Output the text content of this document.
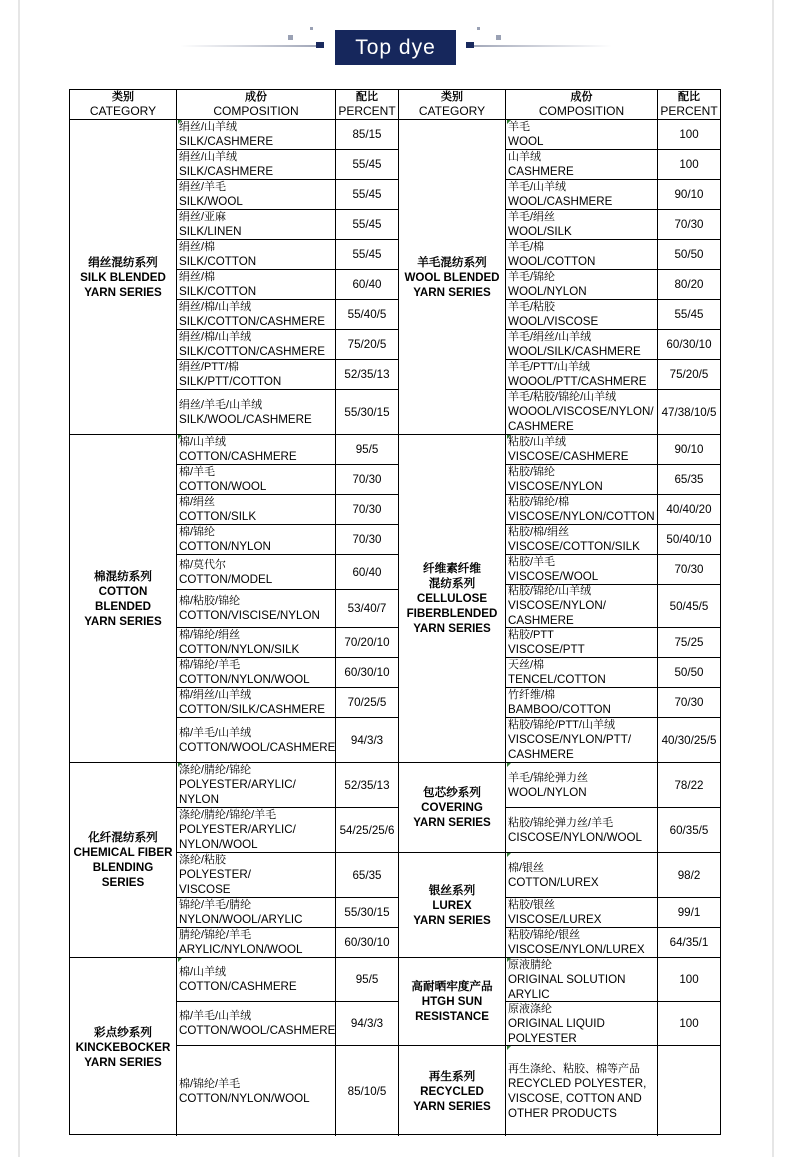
Top dye
类别
CATEGORY
成份
COMPOSITION
配比
PERCENT
类别
CATEGORY
成份
COMPOSITION
配比
PERCENT
绢丝混纺系列
SILK BLENDED
YARN SERIES
棉混纺系列
COTTON
BLENDED
YARN SERIES
化纤混纺系列
CHEMICAL FIBER
BLENDING SERIES
彩点纱系列
KINCKEBOCKER
YARN SERIES
绢丝/山羊绒
SILK/CASHMERE
85/15
绢丝/山羊绒
SILK/CASHMERE
55/45
绢丝/羊毛
SILK/WOOL
55/45
绢丝/亚麻
SILK/LINEN
55/45
绢丝/棉
SILK/COTTON
55/45
绢丝/棉
SILK/COTTON
60/40
绢丝/棉/山羊绒
SILK/COTTON/CASHMERE
55/40/5
绢丝/棉/山羊绒
SILK/COTTON/CASHMERE
75/20/5
绢丝/PTT/棉
SILK/PTT/COTTON
52/35/13
绢丝/羊毛/山羊绒
SILK/WOOL/CASHMERE
55/30/15
棉/山羊绒
COTTON/CASHMERE
95/5
棉/羊毛
COTTON/WOOL
70/30
棉/绢丝
COTTON/SILK
70/30
棉/锦纶
COTTON/NYLON
70/30
棉/莫代尔
COTTON/MODEL
60/40
棉/粘胶/锦纶
COTTON/VISCISE/NYLON
53/40/7
棉/锦纶/绢丝
COTTON/NYLON/SILK
70/20/10
棉/锦纶/羊毛
COTTON/NYLON/WOOL
60/30/10
棉/绢丝/山羊绒
COTTON/SILK/CASHMERE
70/25/5
棉/羊毛/山羊绒
COTTON/WOOL/CASHMERE
94/3/3
涤纶/腈纶/锦纶
POLYESTER/ARYLIC/
NYLON
52/35/13
涤纶/腈纶/锦纶/羊毛
POLYESTER/ARYLIC/
NYLON/WOOL
54/25/25/6
涤纶/粘胶
POLYESTER/
VISCOSE
65/35
锦纶/羊毛/腈纶
NYLON/WOOL/ARYLIC
55/30/15
腈纶/锦纶/羊毛
ARYLIC/NYLON/WOOL
60/30/10
棉/山羊绒
COTTON/CASHMERE
95/5
棉/羊毛/山羊绒
COTTON/WOOL/CASHMERE
94/3/3
棉/锦纶/羊毛
COTTON/NYLON/WOOL
85/10/5
羊毛混纺系列
WOOL BLENDED
YARN SERIES
纤维素纤维
混纺系列
CELLULOSE
FIBERBLENDED
YARN SERIES
包芯纱系列
COVERING
YARN SERIES
银丝系列
LUREX
YARN SERIES
高耐晒牢度产品
HTGH SUN
RESISTANCE
再生系列
RECYCLED
YARN SERIES
羊毛
WOOL
100
山羊绒
CASHMERE
100
羊毛/山羊绒
WOOL/CASHMERE
90/10
羊毛/绢丝
WOOL/SILK
70/30
羊毛/棉
WOOL/COTTON
50/50
羊毛/锦纶
WOOL/NYLON
80/20
羊毛/粘胶
WOOL/VISCOSE
55/45
羊毛/绢丝/山羊绒
WOOL/SILK/CASHMERE
60/30/10
羊毛/PTT/山羊绒
WOOOL/PTT/CASHMERE
75/20/5
羊毛/粘胶/锦纶/山羊绒
WOOOL/VISCOSE/NYLON/
CASHMERE
47/38/10/5
粘胶/山羊绒
VISCOSE/CASHMERE
90/10
粘胶/锦纶
VISCOSE/NYLON
65/35
粘胶/锦纶/棉
VISCOSE/NYLON/COTTON
40/40/20
粘胶/棉/绢丝
VISCOSE/COTTON/SILK
50/40/10
粘胶/羊毛
VISCOSE/WOOL
70/30
粘胶/锦纶/山羊绒
VISCOSE/NYLON/
CASHMERE
50/45/5
粘胶/PTT
VISCOSE/PTT
75/25
天丝/棉
TENCEL/COTTON
50/50
竹纤维/棉
BAMBOO/COTTON
70/30
粘胶/锦纶/PTT/山羊绒
VISCOSE/NYLON/PTT/
CASHMERE
40/30/25/5
羊毛/锦纶弹力丝
WOOL/NYLON
78/22
粘胶/锦纶弹力丝/羊毛
CISCOSE/NYLON/WOOL
60/35/5
棉/银丝
COTTON/LUREX
98/2
粘胶/银丝
VISCOSE/LUREX
99/1
粘胶/锦纶/银丝
VISCOSE/NYLON/LUREX
64/35/1
原液腈纶
ORIGINAL SOLUTION
ARYLIC
100
原液涤纶
ORIGINAL LIQUID
POLYESTER
100
再生涤纶、粘胶、棉等产品
RECYCLED POLYESTER,
VISCOSE, COTTON AND
OTHER PRODUCTS
